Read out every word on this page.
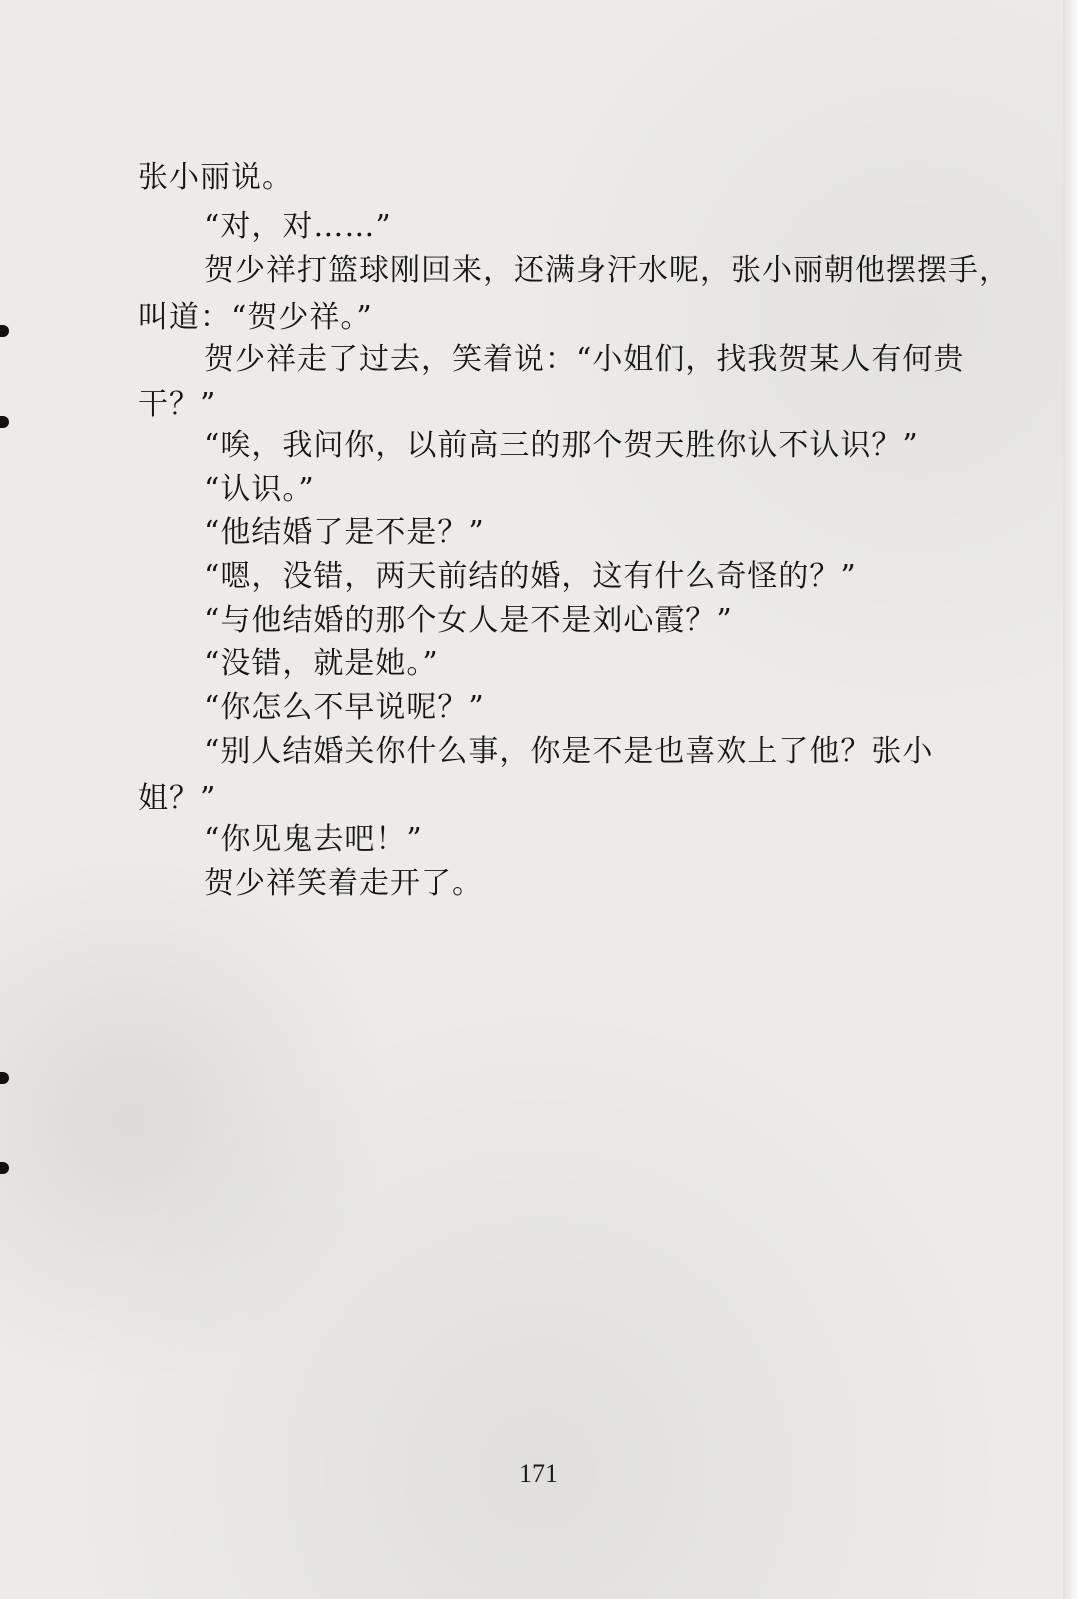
张小丽说。
“对，对……”
贺少祥打篮球刚回来，还满身汗水呢，张小丽朝他摆摆手，
叫道：“贺少祥。”
贺少祥走了过去，笑着说：“小姐们，找我贺某人有何贵
干？”
“唉，我问你，以前高三的那个贺天胜你认不认识？”
“认识。”
“他结婚了是不是？”
“嗯，没错，两天前结的婚，这有什么奇怪的？”
“与他结婚的那个女人是不是刘心霞？”
“没错，就是她。”
“你怎么不早说呢？”
“别人结婚关你什么事，你是不是也喜欢上了他？张小
姐？”
“你见鬼去吧！”
贺少祥笑着走开了。
171
